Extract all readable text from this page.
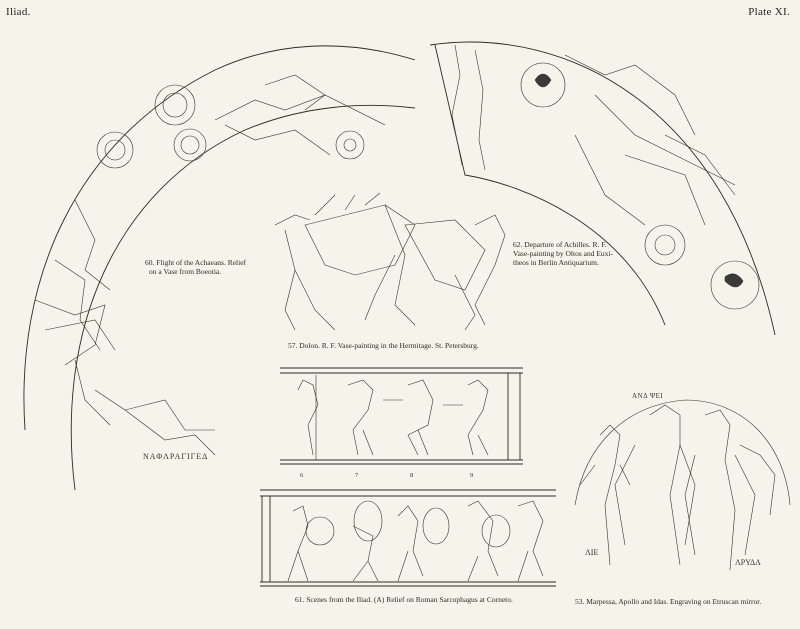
Iliad.	Plate XI.
ΝΑΦΛΡΑΓΙΓΕΔ
60. Flight of the Achaeans. Relief
on a Vase from Boeotia.
62. Departure of Achilles. R. F.
Vase-painting by Oltos and Euxi-
theos in Berlin Antiquarium.
57. Dolon. R. F. Vase-painting in the Hermitage. St. Petersburg.
6	7	8	9
61. Scenes from the Iliad. (A) Relief on Roman Sarcophagus at Corneto.
ΑΝΔ ΨΕΙ
ΛΙΕ
ΛΡΥΔΛ
53. Marpessa, Apollo and Idas. Engraving on Etruscan mirror.
